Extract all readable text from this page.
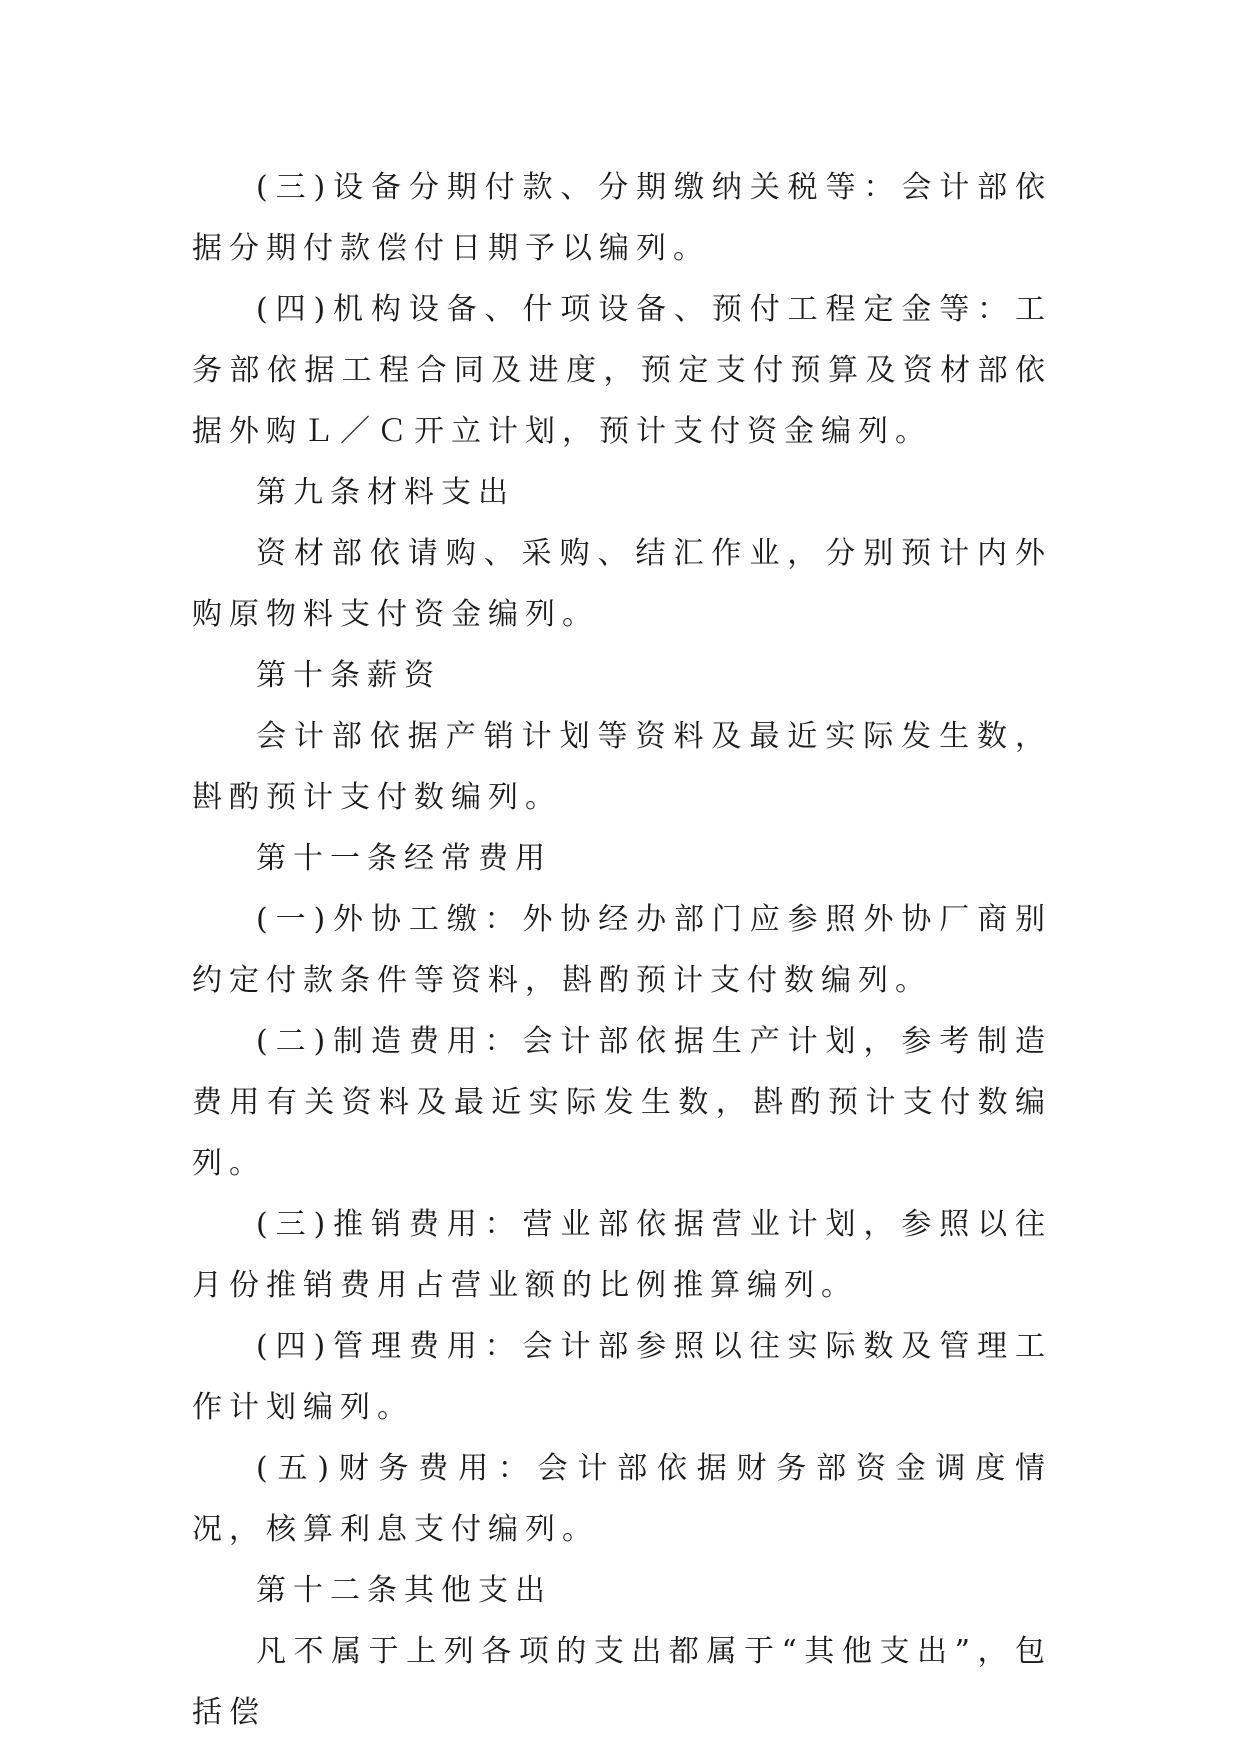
(三)设备分期付款、分期缴纳关税等：会计部依据分期付款偿付日期予以编列。

(四)机构设备、什项设备、预付工程定金等：工务部依据工程合同及进度，预定支付预算及资材部依据外购Ｌ／Ｃ开立计划，预计支付资金编列。

第九条材料支出

资材部依请购、采购、结汇作业，分别预计内外购原物料支付资金编列。

第十条薪资

会计部依据产销计划等资料及最近实际发生数，斟酌预计支付数编列。

第十一条经常费用

(一)外协工缴：外协经办部门应参照外协厂商别约定付款条件等资料，斟酌预计支付数编列。

(二)制造费用：会计部依据生产计划，参考制造费用有关资料及最近实际发生数，斟酌预计支付数编列。

(三)推销费用：营业部依据营业计划，参照以往月份推销费用占营业额的比例推算编列。

(四)管理费用：会计部参照以往实际数及管理工作计划编列。

(五)财务费用：会计部依据财务部资金调度情况，核算利息支付编列。

第十二条其他支出

凡不属于上列各项的支出都属于“其他支出”，包括偿
